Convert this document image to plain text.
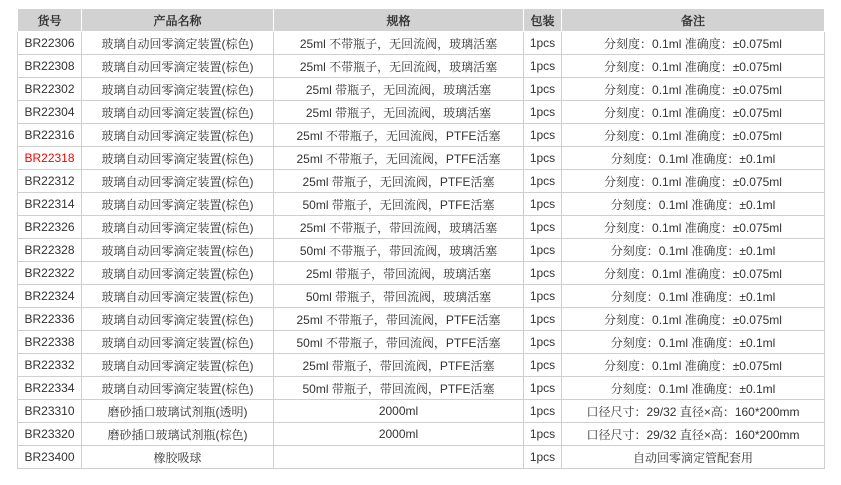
货号	产品名称	规格	包装	备注
BR22306	玻璃自动回零滴定装置(棕色)	25ml 不带瓶子，无回流阀，玻璃活塞	1pcs	分刻度：0.1ml 准确度：±0.075ml
BR22308	玻璃自动回零滴定装置(棕色)	25ml 不带瓶子，无回流阀，玻璃活塞	1pcs	分刻度：0.1ml 准确度：±0.075ml
BR22302	玻璃自动回零滴定装置(棕色)	25ml 带瓶子，无回流阀，玻璃活塞	1pcs	分刻度：0.1ml 准确度：±0.075ml
BR22304	玻璃自动回零滴定装置(棕色)	25ml 带瓶子，无回流阀，玻璃活塞	1pcs	分刻度：0.1ml 准确度：±0.075ml
BR22316	玻璃自动回零滴定装置(棕色)	25ml 不带瓶子，无回流阀，PTFE活塞	1pcs	分刻度：0.1ml 准确度：±0.075ml
BR22318	玻璃自动回零滴定装置(棕色)	25ml 不带瓶子，无回流阀，PTFE活塞	1pcs	分刻度：0.1ml 准确度：±0.1ml
BR22312	玻璃自动回零滴定装置(棕色)	25ml 带瓶子，无回流阀，PTFE活塞	1pcs	分刻度：0.1ml 准确度：±0.075ml
BR22314	玻璃自动回零滴定装置(棕色)	50ml 带瓶子，无回流阀，PTFE活塞	1pcs	分刻度：0.1ml 准确度：±0.1ml
BR22326	玻璃自动回零滴定装置(棕色)	25ml 不带瓶子，带回流阀，玻璃活塞	1pcs	分刻度：0.1ml 准确度：±0.075ml
BR22328	玻璃自动回零滴定装置(棕色)	50ml 不带瓶子，带回流阀，玻璃活塞	1pcs	分刻度：0.1ml 准确度：±0.1ml
BR22322	玻璃自动回零滴定装置(棕色)	25ml 带瓶子，带回流阀，玻璃活塞	1pcs	分刻度：0.1ml 准确度：±0.075ml
BR22324	玻璃自动回零滴定装置(棕色)	50ml 带瓶子，带回流阀，玻璃活塞	1pcs	分刻度：0.1ml 准确度：±0.1ml
BR22336	玻璃自动回零滴定装置(棕色)	25ml 不带瓶子，带回流阀，PTFE活塞	1pcs	分刻度：0.1ml 准确度：±0.075ml
BR22338	玻璃自动回零滴定装置(棕色)	50ml 不带瓶子，带回流阀，PTFE活塞	1pcs	分刻度：0.1ml 准确度：±0.1ml
BR22332	玻璃自动回零滴定装置(棕色)	25ml 带瓶子，带回流阀，PTFE活塞	1pcs	分刻度：0.1ml 准确度：±0.075ml
BR22334	玻璃自动回零滴定装置(棕色)	50ml 带瓶子，带回流阀，PTFE活塞	1pcs	分刻度：0.1ml 准确度：±0.1ml
BR23310	磨砂插口玻璃试剂瓶(透明)	2000ml	1pcs	口径尺寸：29/32 直径×高：160*200mm
BR23320	磨砂插口玻璃试剂瓶(棕色)	2000ml	1pcs	口径尺寸：29/32 直径×高：160*200mm
BR23400	橡胶吸球		1pcs	自动回零滴定管配套用
